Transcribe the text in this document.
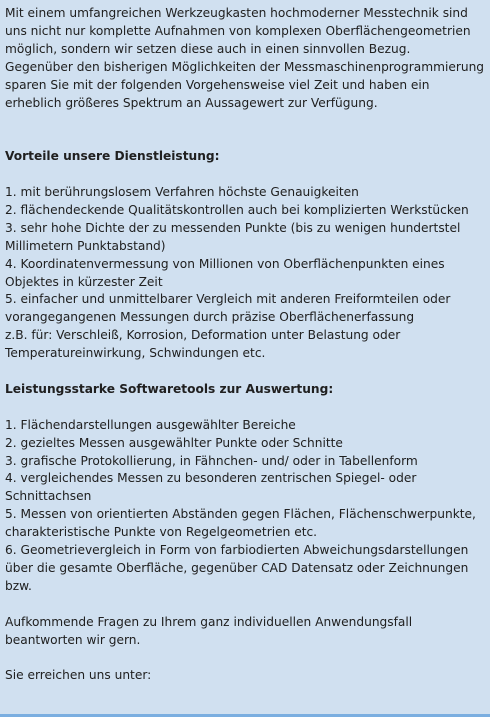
Mit einem umfangreichen Werkzeugkasten hochmoderner Messtechnik sind
uns nicht nur komplette Aufnahmen von komplexen Oberflächengeometrien
möglich, sondern wir setzen diese auch in einen sinnvollen Bezug.
Gegenüber den bisherigen Möglichkeiten der Messmaschinenprogrammierung
sparen Sie mit der folgenden Vorgehensweise viel Zeit und haben ein
erheblich größeres Spektrum an Aussagewert zur Verfügung.
Vorteile unsere Dienstleistung:
1. mit berührungslosem Verfahren höchste Genauigkeiten
2. flächendeckende Qualitätskontrollen auch bei komplizierten Werkstücken
3. sehr hohe Dichte der zu messenden Punkte (bis zu wenigen hundertstel
Millimetern Punktabstand)
4. Koordinatenvermessung von Millionen von Oberflächenpunkten eines
Objektes in kürzester Zeit
5. einfacher und unmittelbarer Vergleich mit anderen Freiformteilen oder
vorangegangenen Messungen durch präzise Oberflächenerfassung
z.B. für: Verschleiß, Korrosion, Deformation unter Belastung oder
Temperatureinwirkung, Schwindungen etc.
Leistungsstarke Softwaretools zur Auswertung:
1. Flächendarstellungen ausgewählter Bereiche
2. gezieltes Messen ausgewählter Punkte oder Schnitte
3. grafische Protokollierung, in Fähnchen- und/ oder in Tabellenform
4. vergleichendes Messen zu besonderen zentrischen Spiegel- oder
Schnittachsen
5. Messen von orientierten Abständen gegen Flächen, Flächenschwerpunkte,
charakteristische Punkte von Regelgeometrien etc.
6. Geometrievergleich in Form von farbiodierten Abweichungsdarstellungen
über die gesamte Oberfläche, gegenüber CAD Datensatz oder Zeichnungen
bzw.
Aufkommende Fragen zu Ihrem ganz individuellen Anwendungsfall
beantworten wir gern.
Sie erreichen uns unter:
